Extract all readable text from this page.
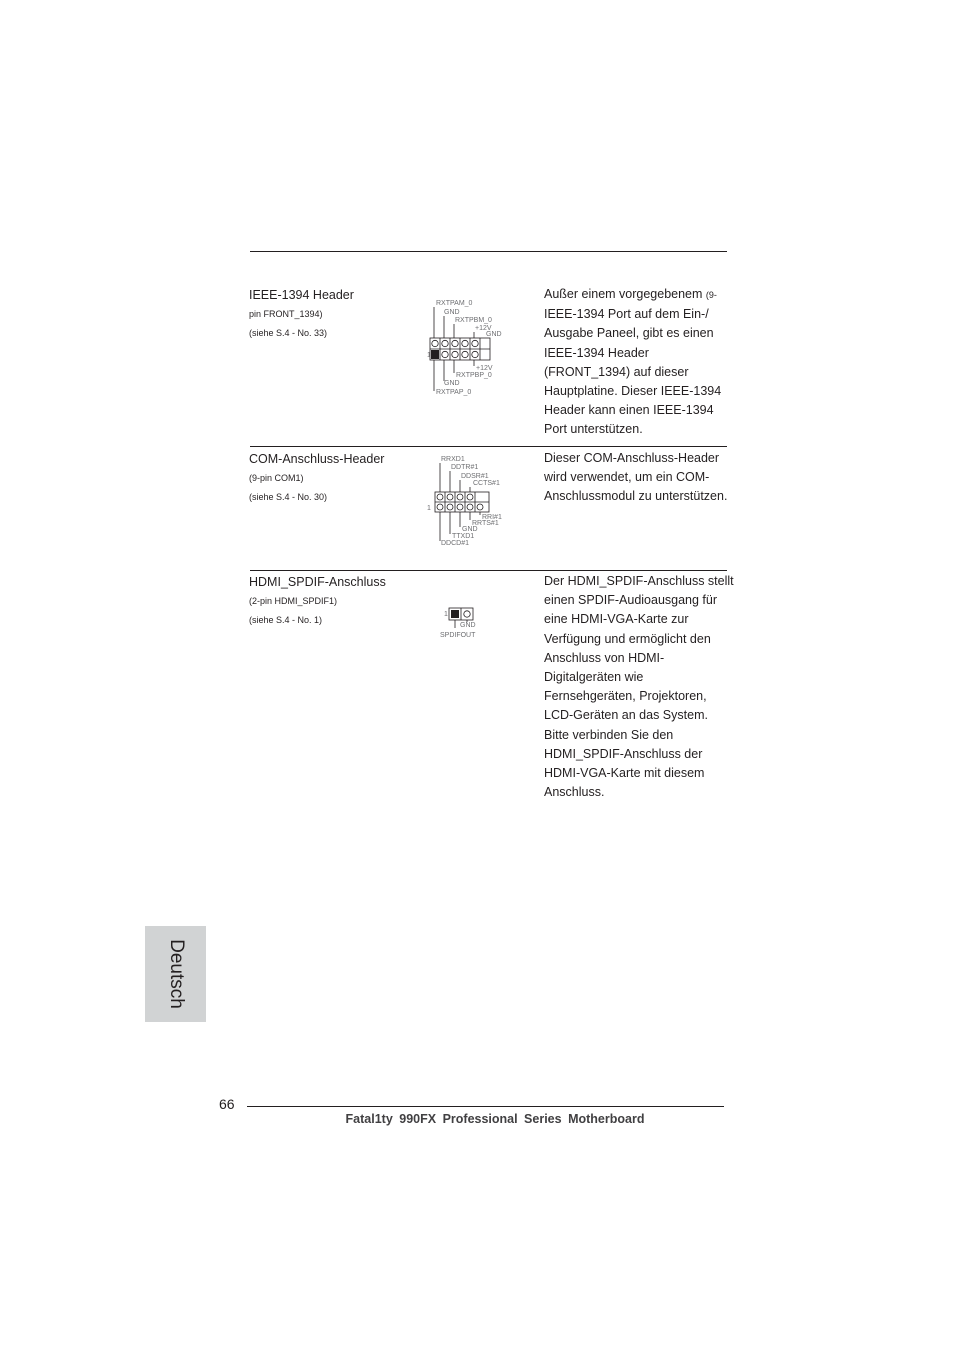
IEEE-1394 Header
pin FRONT_1394)
(siehe S.4 - No. 33)
Außer einem vorgegebenem (9- IEEE-1394 Port auf dem Ein-/ Ausgabe Paneel, gibt es einen IEEE-1394 Header (FRONT_1394) auf dieser Hauptplatine. Dieser IEEE-1394 Header kann einen IEEE-1394 Port unterstützen.
RXTPAM_0
GND
RXTPBM_0
+12V
GND
1
+12V
RXTPBP_0
GND
RXTPAP_0
COM-Anschluss-Header
(9-pin COM1)
(siehe S.4 - No. 30)
Dieser COM-Anschluss-Header wird verwendet, um ein COM-Anschlussmodul zu unterstützen.
RRXD1
DDTR#1
DDSR#1
CCTS#1
1
RRI#1
RRTS#1
GND
TTXD1
DDCD#1
HDMI_SPDIF-Anschluss
(2-pin HDMI_SPDIF1)
(siehe S.4 - No. 1)
Der HDMI_SPDIF-Anschluss stellt einen SPDIF-Audioausgang für eine HDMI-VGA-Karte zur Verfügung und ermöglicht den Anschluss von HDMI-Digitalgeräten wie Fernsehgeräten, Projektoren, LCD-Geräten an das System. Bitte verbinden Sie den HDMI_SPDIF-Anschluss der HDMI-VGA-Karte mit diesem Anschluss.
1
GND
SPDIFOUT
Deutsch
66
Fatal1ty 990FX Professional Series Motherboard
